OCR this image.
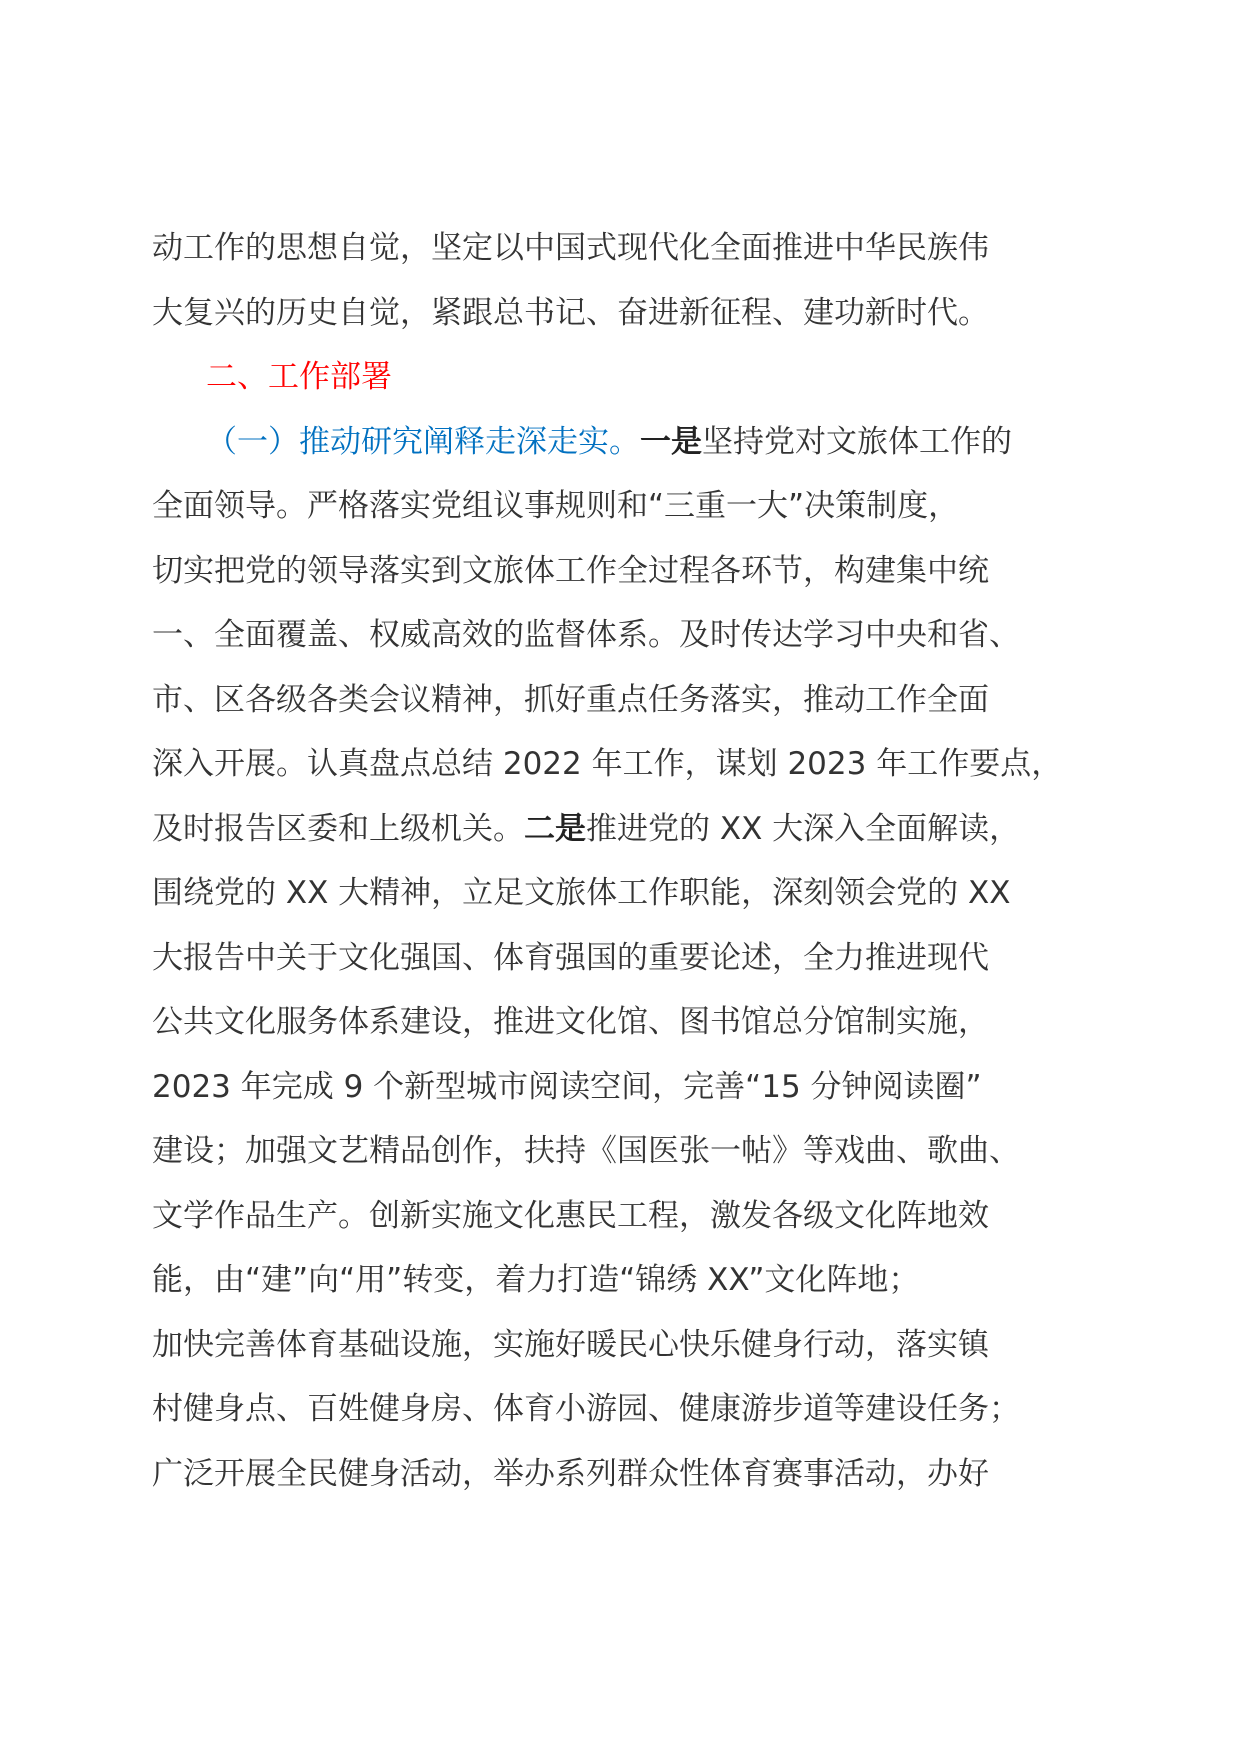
动工作的思想自觉，坚定以中国式现代化全面推进中华民族伟
大复兴的历史自觉，紧跟总书记、奋进新征程、建功新时代。
二、工作部署
（一）推动研究阐释走深走实。一是坚持党对文旅体工作的
全面领导。严格落实党组议事规则和“三重一大”决策制度，
切实把党的领导落实到文旅体工作全过程各环节，构建集中统
一、全面覆盖、权威高效的监督体系。及时传达学习中央和省、
市、区各级各类会议精神，抓好重点任务落实，推动工作全面
深入开展。认真盘点总结 2022 年工作，谋划 2023 年工作要点，
及时报告区委和上级机关。二是推进党的 XX 大深入全面解读，
围绕党的 XX 大精神，立足文旅体工作职能，深刻领会党的 XX
大报告中关于文化强国、体育强国的重要论述，全力推进现代
公共文化服务体系建设，推进文化馆、图书馆总分馆制实施，
2023 年完成 9 个新型城市阅读空间，完善“15 分钟阅读圈”
建设；加强文艺精品创作，扶持《国医张一帖》等戏曲、歌曲、
文学作品生产。创新实施文化惠民工程，激发各级文化阵地效
能，由“建”向“用”转变，着力打造“锦绣 XX”文化阵地；
加快完善体育基础设施，实施好暖民心快乐健身行动，落实镇
村健身点、百姓健身房、体育小游园、健康游步道等建设任务；
广泛开展全民健身活动，举办系列群众性体育赛事活动，办好
